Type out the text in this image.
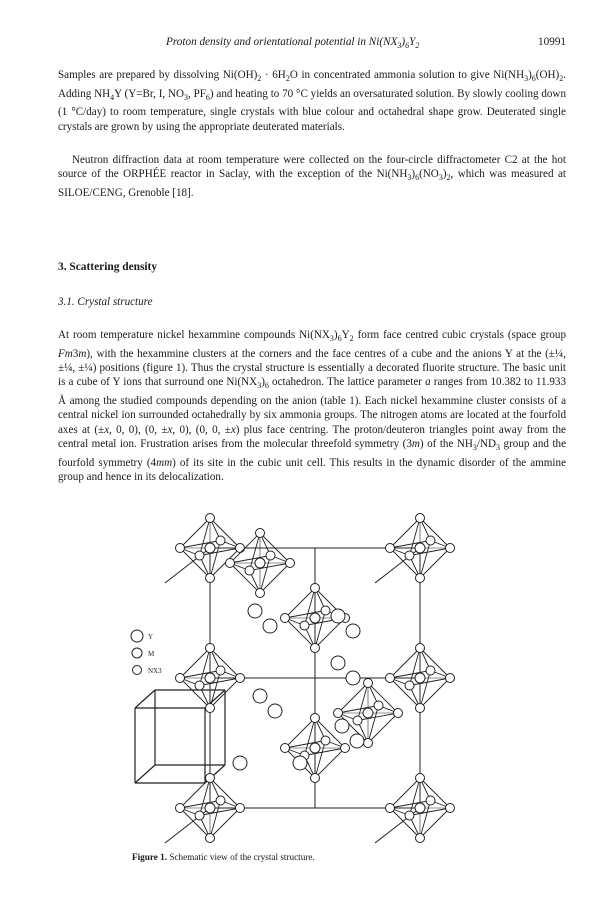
Proton density and orientational potential in $Ni(NX_3)_6Y_2$	10991
Samples are prepared by dissolving $Ni(OH)_2 \cdot 6H_2O$ in concentrated ammonia solution to give $Ni(NH_3)_6(OH)_2$. Adding $NH_4Y$ (Y=Br, I, $NO_3$, $PF_6$) and heating to 70 °C yields an oversaturated solution. By slowly cooling down (1 °C/day) to room temperature, single crystals with blue colour and octahedral shape grow. Deuterated single crystals are grown by using the appropriate deuterated materials.
Neutron diffraction data at room temperature were collected on the four-circle diffractometer C2 at the hot source of the ORPHÉE reactor in Saclay, with the exception of the $Ni(NH_3)_6(NO_3)_2$, which was measured at SILOE/CENG, Grenoble [18].
3. Scattering density
3.1. Crystal structure
At room temperature nickel hexammine compounds $Ni(NX_3)_6Y_2$ form face centred cubic crystals (space group Fm3m), with the hexammine clusters at the corners and the face centres of a cube and the anions Y at the (±¼, ±¼, ±¼) positions (figure 1). Thus the crystal structure is essentially a decorated fluorite structure. The basic unit is a cube of Y ions that surround one $Ni(NX_3)_6$ octahedron. The lattice parameter a ranges from 10.382 to 11.933 Å among the studied compounds depending on the anion (table 1). Each nickel hexammine cluster consists of a central nickel ion surrounded octahedrally by six ammonia groups. The nitrogen atoms are located at the fourfold axes at (±x, 0, 0), (0, ±x, 0), (0, 0, ±x) plus face centring. The proton/deuteron triangles point away from the central metal ion. Frustration arises from the molecular threefold symmetry (3m) of the $NH_3/ND_3$ group and the fourfold symmetry (4mm) of its site in the cubic unit cell. This results in the dynamic disorder of the ammine group and hence in its delocalization.
Y
M
NX3
Figure 1. Schematic view of the crystal structure.
